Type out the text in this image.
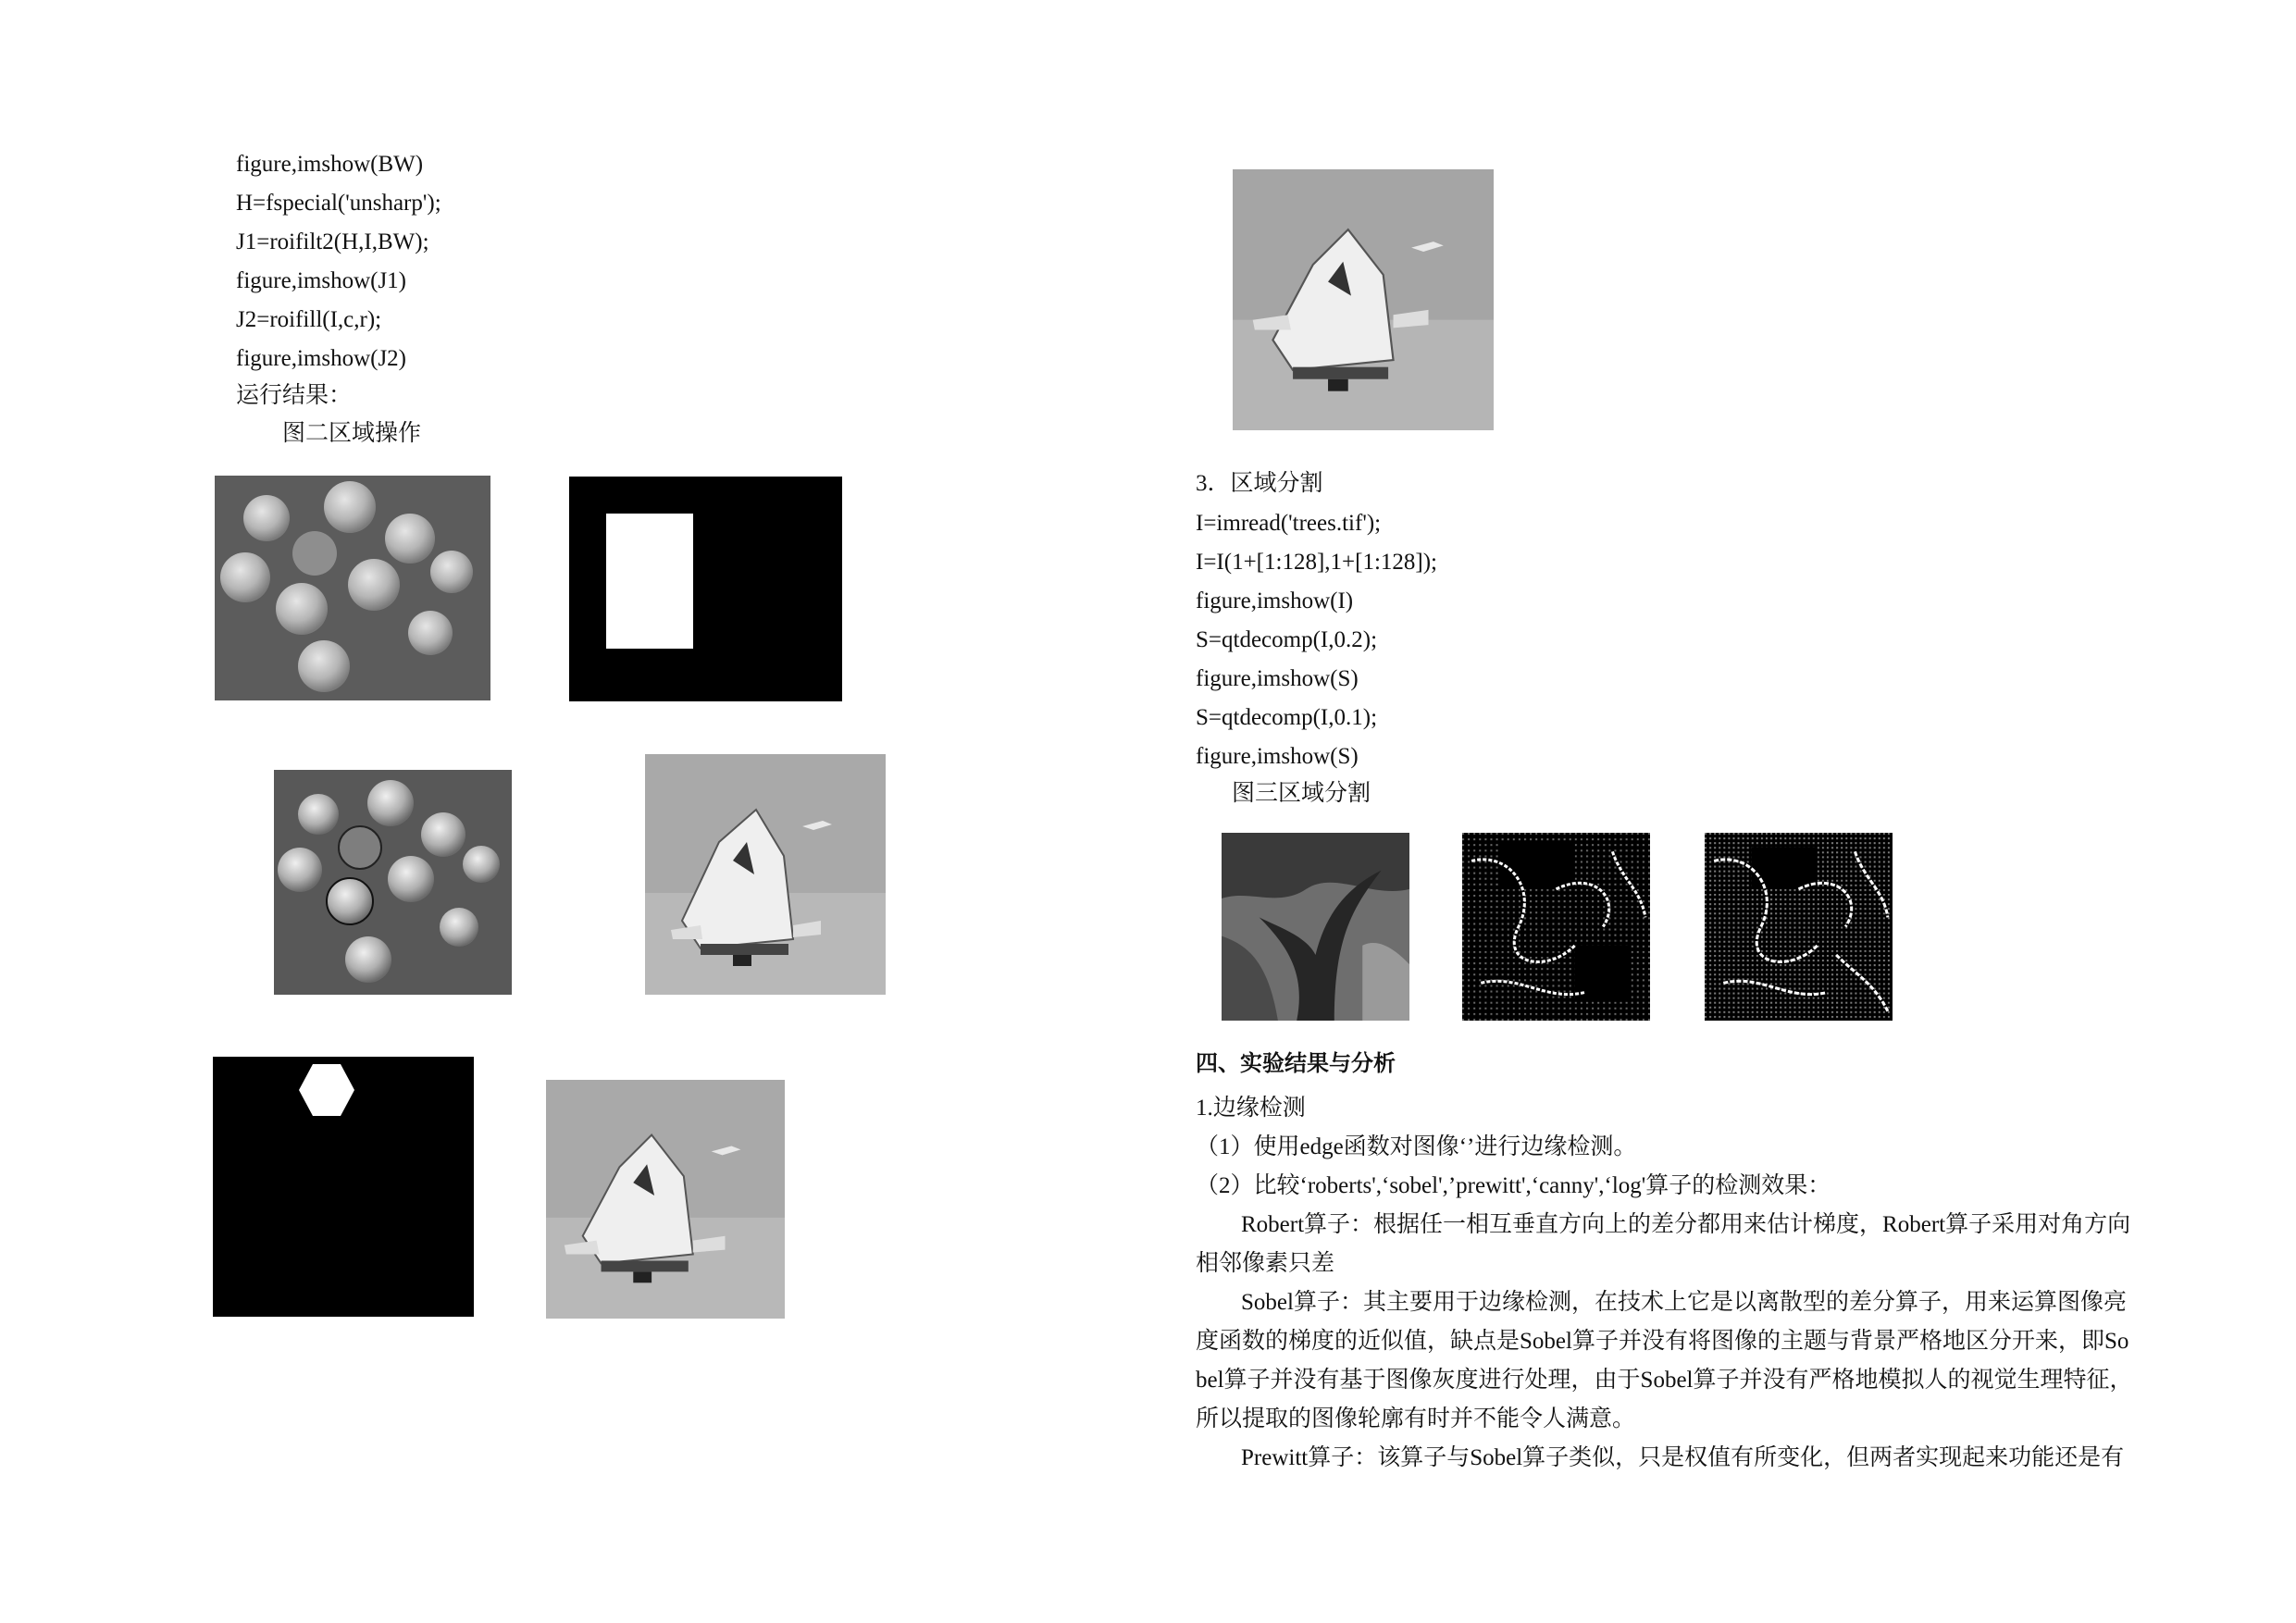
figure,imshow(BW)
H=fspecial('unsharp');
J1=roifilt2(H,I,BW);
figure,imshow(J1)
J2=roifill(I,c,r);
figure,imshow(J2)
运行结果：
图二区域操作
3．区域分割
I=imread('trees.tif');
I=I(1+[1:128],1+[1:128]);
figure,imshow(I)
S=qtdecomp(I,0.2);
figure,imshow(S)
S=qtdecomp(I,0.1);
figure,imshow(S)
图三区域分割
四、实验结果与分析
1.边缘检测
（1）使用edge函数对图像‘’进行边缘检测。
（2）比较‘roberts',‘sobel',’prewitt',‘canny',‘log'算子的检测效果：
Robert算子：根据任一相互垂直方向上的差分都用来估计梯度，Robert算子采用对角方向
相邻像素只差
Sobel算子：其主要用于边缘检测，在技术上它是以离散型的差分算子，用来运算图像亮
度函数的梯度的近似值，缺点是Sobel算子并没有将图像的主题与背景严格地区分开来，即So
bel算子并没有基于图像灰度进行处理，由于Sobel算子并没有严格地模拟人的视觉生理特征，
所以提取的图像轮廓有时并不能令人满意。
Prewitt算子：该算子与Sobel算子类似，只是权值有所变化，但两者实现起来功能还是有
